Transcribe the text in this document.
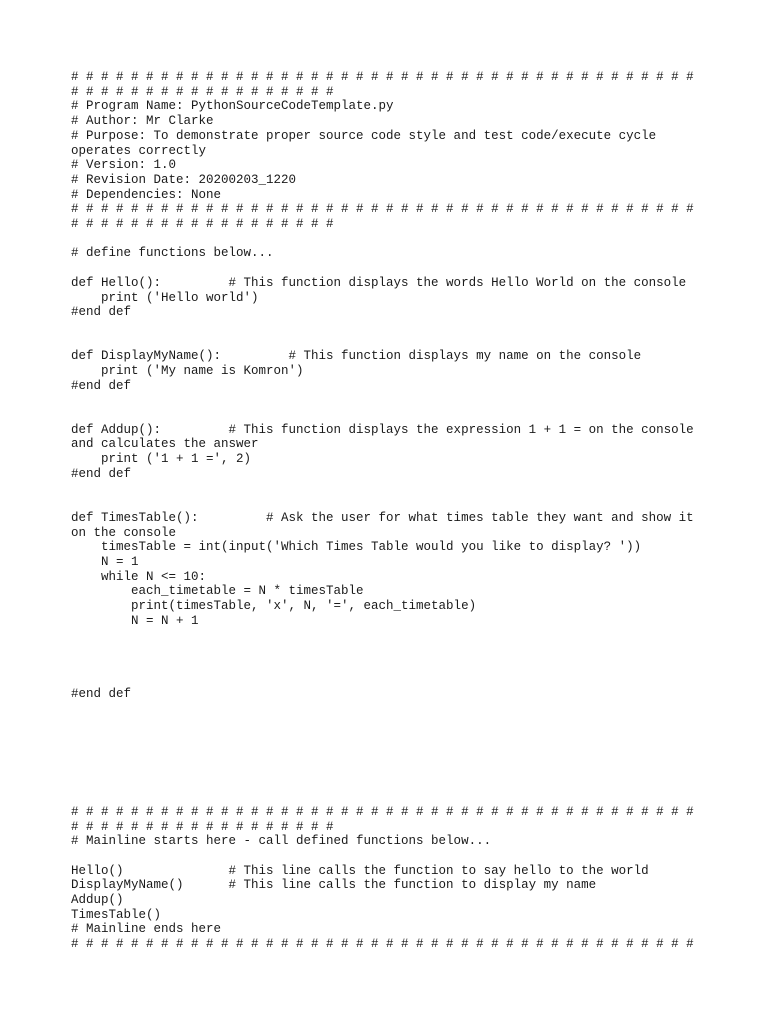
# # # # # # # # # # # # # # # # # # # # # # # # # # # # # # # # # # # # # # # # # #
# # # # # # # # # # # # # # # # # #
# Program Name: PythonSourceCodeTemplate.py
# Author: Mr Clarke
# Purpose: To demonstrate proper source code style and test code/execute cycle
operates correctly
# Version: 1.0
# Revision Date: 20200203_1220
# Dependencies: None
# # # # # # # # # # # # # # # # # # # # # # # # # # # # # # # # # # # # # # # # # #
# # # # # # # # # # # # # # # # # #
# define functions below...
def Hello():         # This function displays the words Hello World on the console
print ('Hello world')
#end def
def DisplayMyName():         # This function displays my name on the console
print ('My name is Komron')
#end def
def Addup():         # This function displays the expression 1 + 1 = on the console
and calculates the answer
print ('1 + 1 =', 2)
#end def
def TimesTable():         # Ask the user for what times table they want and show it
on the console
timesTable = int(input('Which Times Table would you like to display? '))
N = 1
while N <= 10:
each_timetable = N * timesTable
print(timesTable, 'x', N, '=', each_timetable)
N = N + 1
#end def
# # # # # # # # # # # # # # # # # # # # # # # # # # # # # # # # # # # # # # # # # #
# # # # # # # # # # # # # # # # # #
# Mainline starts here - call defined functions below...
Hello()              # This line calls the function to say hello to the world
DisplayMyName()      # This line calls the function to display my name
Addup()
TimesTable()
# Mainline ends here
# # # # # # # # # # # # # # # # # # # # # # # # # # # # # # # # # # # # # # # # # #
